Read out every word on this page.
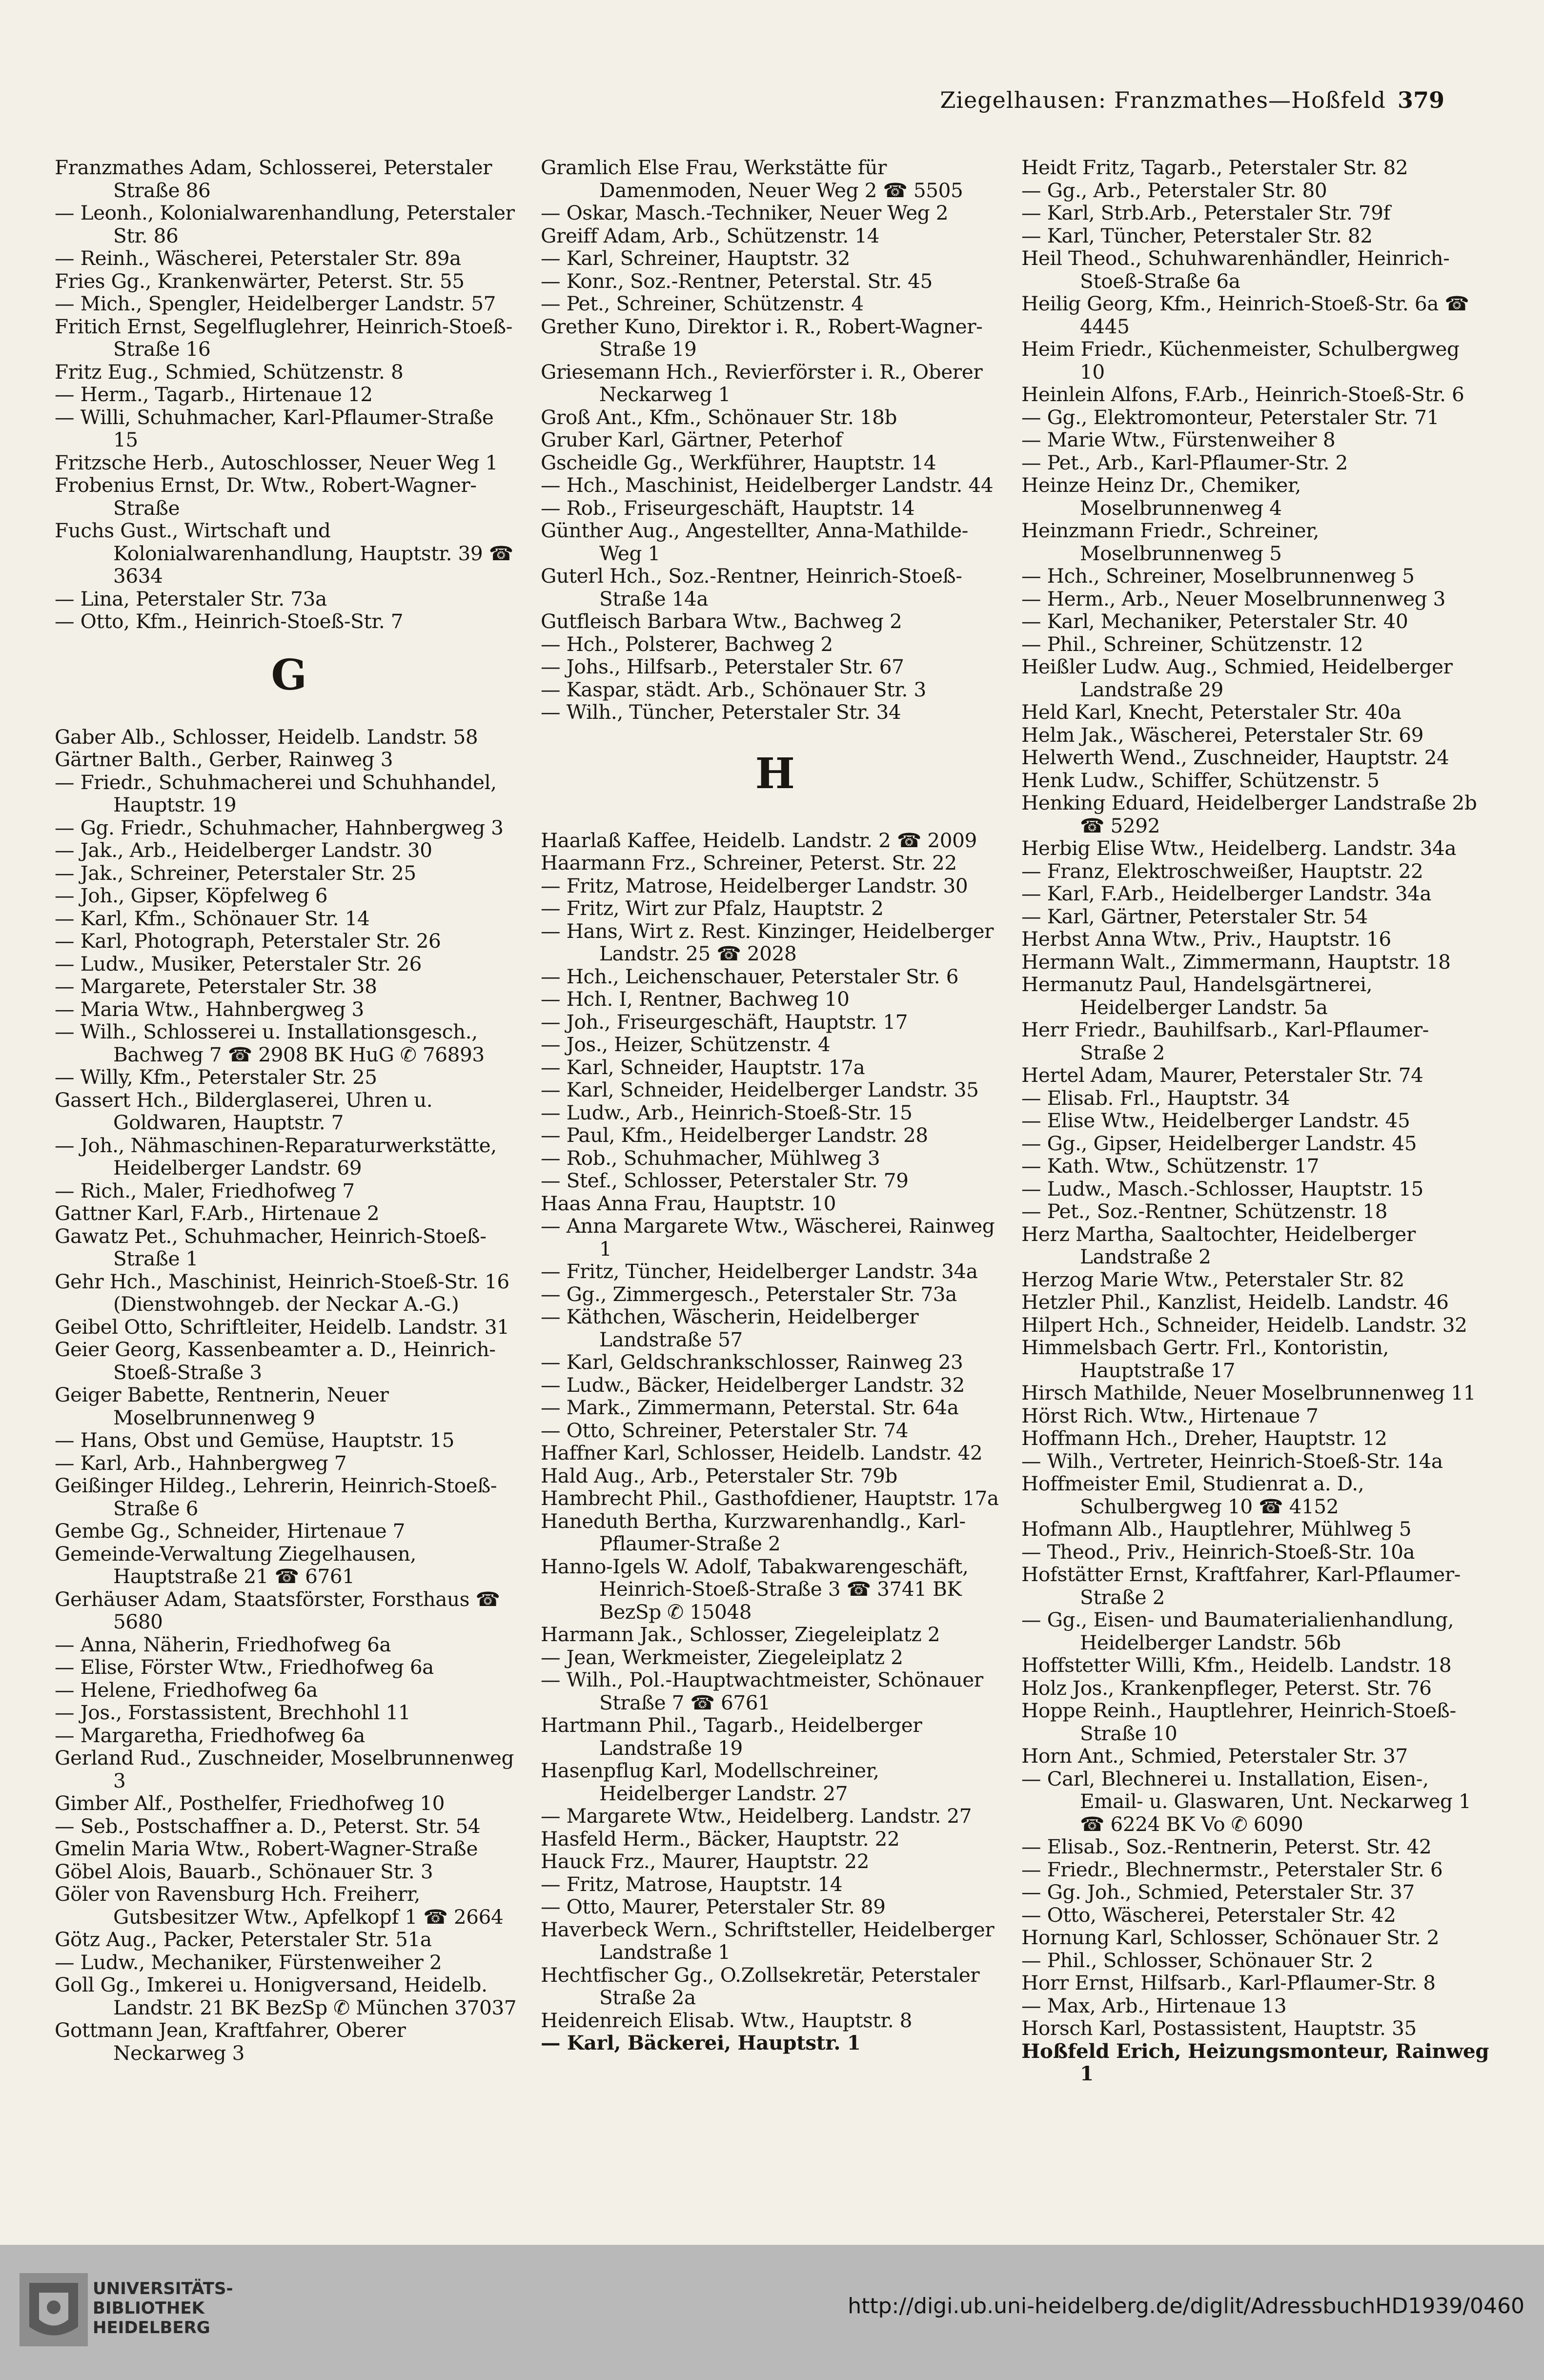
Ziegelhausen: Franzmathes—Hoßfeld 379

Franzmathes Adam, Schlosserei, Peterstaler Straße 86

— Leonh., Kolonialwarenhandlung, Peterstaler Str. 86

— Reinh., Wäscherei, Peterstaler Str. 89a

Fries Gg., Krankenwärter, Peterst. Str. 55

— Mich., Spengler, Heidelberger Landstr. 57

Fritich Ernst, Segelfluglehrer, Heinrich-Stoeß-Straße 16

Fritz Eug., Schmied, Schützenstr. 8

— Herm., Tagarb., Hirtenaue 12

— Willi, Schuhmacher, Karl-Pflaumer-Straße 15

Fritzsche Herb., Autoschlosser, Neuer Weg 1

Frobenius Ernst, Dr. Wtw., Robert-Wagner-Straße

Fuchs Gust., Wirtschaft und Kolonialwarenhandlung, Hauptstr. 39 ☎ 3634

— Lina, Peterstaler Str. 73a

— Otto, Kfm., Heinrich-Stoeß-Str. 7

G

Gaber Alb., Schlosser, Heidelb. Landstr. 58

Gärtner Balth., Gerber, Rainweg 3

— Friedr., Schuhmacherei und Schuhhandel, Hauptstr. 19

— Gg. Friedr., Schuhmacher, Hahnbergweg 3

— Jak., Arb., Heidelberger Landstr. 30

— Jak., Schreiner, Peterstaler Str. 25

— Joh., Gipser, Köpfelweg 6

— Karl, Kfm., Schönauer Str. 14

— Karl, Photograph, Peterstaler Str. 26

— Ludw., Musiker, Peterstaler Str. 26

— Margarete, Peterstaler Str. 38

— Maria Wtw., Hahnbergweg 3

— Wilh., Schlosserei u. Installationsgesch., Bachweg 7 ☎ 2908 BK HuG ✆ 76893

— Willy, Kfm., Peterstaler Str. 25

Gassert Hch., Bilderglaserei, Uhren u. Goldwaren, Hauptstr. 7

— Joh., Nähmaschinen-Reparaturwerkstätte, Heidelberger Landstr. 69

— Rich., Maler, Friedhofweg 7

Gattner Karl, F.Arb., Hirtenaue 2

Gawatz Pet., Schuhmacher, Heinrich-Stoeß-Straße 1

Gehr Hch., Maschinist, Heinrich-Stoeß-Str. 16 (Dienstwohngeb. der Neckar A.-G.)

Geibel Otto, Schriftleiter, Heidelb. Landstr. 31

Geier Georg, Kassenbeamter a. D., Heinrich-Stoeß-Straße 3

Geiger Babette, Rentnerin, Neuer Moselbrunnenweg 9

— Hans, Obst und Gemüse, Hauptstr. 15

— Karl, Arb., Hahnbergweg 7

Geißinger Hildeg., Lehrerin, Heinrich-Stoeß-Straße 6

Gembe Gg., Schneider, Hirtenaue 7

Gemeinde-Verwaltung Ziegelhausen, Hauptstraße 21 ☎ 6761

Gerhäuser Adam, Staatsförster, Forsthaus ☎ 5680

— Anna, Näherin, Friedhofweg 6a

— Elise, Förster Wtw., Friedhofweg 6a

— Helene, Friedhofweg 6a

— Jos., Forstassistent, Brechhohl 11

— Margaretha, Friedhofweg 6a

Gerland Rud., Zuschneider, Moselbrunnenweg 3

Gimber Alf., Posthelfer, Friedhofweg 10

— Seb., Postschaffner a. D., Peterst. Str. 54

Gmelin Maria Wtw., Robert-Wagner-Straße

Göbel Alois, Bauarb., Schönauer Str. 3

Göler von Ravensburg Hch. Freiherr, Gutsbesitzer Wtw., Apfelkopf 1 ☎ 2664

Götz Aug., Packer, Peterstaler Str. 51a

— Ludw., Mechaniker, Fürstenweiher 2

Goll Gg., Imkerei u. Honigversand, Heidelb. Landstr. 21 BK BezSp ✆ München 37037

Gottmann Jean, Kraftfahrer, Oberer Neckarweg 3

Gramlich Else Frau, Werkstätte für Damenmoden, Neuer Weg 2 ☎ 5505

— Oskar, Masch.-Techniker, Neuer Weg 2

Greiff Adam, Arb., Schützenstr. 14

— Karl, Schreiner, Hauptstr. 32

— Konr., Soz.-Rentner, Peterstal. Str. 45

— Pet., Schreiner, Schützenstr. 4

Grether Kuno, Direktor i. R., Robert-Wagner-Straße 19

Griesemann Hch., Revierförster i. R., Oberer Neckarweg 1

Groß Ant., Kfm., Schönauer Str. 18b

Gruber Karl, Gärtner, Peterhof

Gscheidle Gg., Werkführer, Hauptstr. 14

— Hch., Maschinist, Heidelberger Landstr. 44

— Rob., Friseurgeschäft, Hauptstr. 14

Günther Aug., Angestellter, Anna-Mathilde-Weg 1

Guterl Hch., Soz.-Rentner, Heinrich-Stoeß-Straße 14a

Gutfleisch Barbara Wtw., Bachweg 2

— Hch., Polsterer, Bachweg 2

— Johs., Hilfsarb., Peterstaler Str. 67

— Kaspar, städt. Arb., Schönauer Str. 3

— Wilh., Tüncher, Peterstaler Str. 34

H

Haarlaß Kaffee, Heidelb. Landstr. 2 ☎ 2009

Haarmann Frz., Schreiner, Peterst. Str. 22

— Fritz, Matrose, Heidelberger Landstr. 30

— Fritz, Wirt zur Pfalz, Hauptstr. 2

— Hans, Wirt z. Rest. Kinzinger, Heidelberger Landstr. 25 ☎ 2028

— Hch., Leichenschauer, Peterstaler Str. 6

— Hch. I, Rentner, Bachweg 10

— Joh., Friseurgeschäft, Hauptstr. 17

— Jos., Heizer, Schützenstr. 4

— Karl, Schneider, Hauptstr. 17a

— Karl, Schneider, Heidelberger Landstr. 35

— Ludw., Arb., Heinrich-Stoeß-Str. 15

— Paul, Kfm., Heidelberger Landstr. 28

— Rob., Schuhmacher, Mühlweg 3

— Stef., Schlosser, Peterstaler Str. 79

Haas Anna Frau, Hauptstr. 10

— Anna Margarete Wtw., Wäscherei, Rainweg 1

— Fritz, Tüncher, Heidelberger Landstr. 34a

— Gg., Zimmergesch., Peterstaler Str. 73a

— Käthchen, Wäscherin, Heidelberger Landstraße 57

— Karl, Geldschrankschlosser, Rainweg 23

— Ludw., Bäcker, Heidelberger Landstr. 32

— Mark., Zimmermann, Peterstal. Str. 64a

— Otto, Schreiner, Peterstaler Str. 74

Haffner Karl, Schlosser, Heidelb. Landstr. 42

Hald Aug., Arb., Peterstaler Str. 79b

Hambrecht Phil., Gasthofdiener, Hauptstr. 17a

Haneduth Bertha, Kurzwarenhandlg., Karl-Pflaumer-Straße 2

Hanno-Igels W. Adolf, Tabakwarengeschäft, Heinrich-Stoeß-Straße 3 ☎ 3741 BK BezSp ✆ 15048

Harmann Jak., Schlosser, Ziegeleiplatz 2

— Jean, Werkmeister, Ziegeleiplatz 2

— Wilh., Pol.-Hauptwachtmeister, Schönauer Straße 7 ☎ 6761

Hartmann Phil., Tagarb., Heidelberger Landstraße 19

Hasenpflug Karl, Modellschreiner, Heidelberger Landstr. 27

— Margarete Wtw., Heidelberg. Landstr. 27

Hasfeld Herm., Bäcker, Hauptstr. 22

Hauck Frz., Maurer, Hauptstr. 22

— Fritz, Matrose, Hauptstr. 14

— Otto, Maurer, Peterstaler Str. 89

Haverbeck Wern., Schriftsteller, Heidelberger Landstraße 1

Hechtfischer Gg., O.Zollsekretär, Peterstaler Straße 2a

Heidenreich Elisab. Wtw., Hauptstr. 8

— Karl, Bäckerei, Hauptstr. 1

Heidt Fritz, Tagarb., Peterstaler Str. 82

— Gg., Arb., Peterstaler Str. 80

— Karl, Strb.Arb., Peterstaler Str. 79f

— Karl, Tüncher, Peterstaler Str. 82

Heil Theod., Schuhwarenhändler, Heinrich-Stoeß-Straße 6a

Heilig Georg, Kfm., Heinrich-Stoeß-Str. 6a ☎ 4445

Heim Friedr., Küchenmeister, Schulbergweg 10

Heinlein Alfons, F.Arb., Heinrich-Stoeß-Str. 6

— Gg., Elektromonteur, Peterstaler Str. 71

— Marie Wtw., Fürstenweiher 8

— Pet., Arb., Karl-Pflaumer-Str. 2

Heinze Heinz Dr., Chemiker, Moselbrunnenweg 4

Heinzmann Friedr., Schreiner, Moselbrunnenweg 5

— Hch., Schreiner, Moselbrunnenweg 5

— Herm., Arb., Neuer Moselbrunnenweg 3

— Karl, Mechaniker, Peterstaler Str. 40

— Phil., Schreiner, Schützenstr. 12

Heißler Ludw. Aug., Schmied, Heidelberger Landstraße 29

Held Karl, Knecht, Peterstaler Str. 40a

Helm Jak., Wäscherei, Peterstaler Str. 69

Helwerth Wend., Zuschneider, Hauptstr. 24

Henk Ludw., Schiffer, Schützenstr. 5

Henking Eduard, Heidelberger Landstraße 2b ☎ 5292

Herbig Elise Wtw., Heidelberg. Landstr. 34a

— Franz, Elektroschweißer, Hauptstr. 22

— Karl, F.Arb., Heidelberger Landstr. 34a

— Karl, Gärtner, Peterstaler Str. 54

Herbst Anna Wtw., Priv., Hauptstr. 16

Hermann Walt., Zimmermann, Hauptstr. 18

Hermanutz Paul, Handelsgärtnerei, Heidelberger Landstr. 5a

Herr Friedr., Bauhilfsarb., Karl-Pflaumer-Straße 2

Hertel Adam, Maurer, Peterstaler Str. 74

— Elisab. Frl., Hauptstr. 34

— Elise Wtw., Heidelberger Landstr. 45

— Gg., Gipser, Heidelberger Landstr. 45

— Kath. Wtw., Schützenstr. 17

— Ludw., Masch.-Schlosser, Hauptstr. 15

— Pet., Soz.-Rentner, Schützenstr. 18

Herz Martha, Saaltochter, Heidelberger Landstraße 2

Herzog Marie Wtw., Peterstaler Str. 82

Hetzler Phil., Kanzlist, Heidelb. Landstr. 46

Hilpert Hch., Schneider, Heidelb. Landstr. 32

Himmelsbach Gertr. Frl., Kontoristin, Hauptstraße 17

Hirsch Mathilde, Neuer Moselbrunnenweg 11

Hörst Rich. Wtw., Hirtenaue 7

Hoffmann Hch., Dreher, Hauptstr. 12

— Wilh., Vertreter, Heinrich-Stoeß-Str. 14a

Hoffmeister Emil, Studienrat a. D., Schulbergweg 10 ☎ 4152

Hofmann Alb., Hauptlehrer, Mühlweg 5

— Theod., Priv., Heinrich-Stoeß-Str. 10a

Hofstätter Ernst, Kraftfahrer, Karl-Pflaumer-Straße 2

— Gg., Eisen- und Baumaterialienhandlung, Heidelberger Landstr. 56b

Hoffstetter Willi, Kfm., Heidelb. Landstr. 18

Holz Jos., Krankenpfleger, Peterst. Str. 76

Hoppe Reinh., Hauptlehrer, Heinrich-Stoeß-Straße 10

Horn Ant., Schmied, Peterstaler Str. 37

— Carl, Blechnerei u. Installation, Eisen-, Email- u. Glaswaren, Unt. Neckarweg 1 ☎ 6224 BK Vo ✆ 6090

— Elisab., Soz.-Rentnerin, Peterst. Str. 42

— Friedr., Blechnermstr., Peterstaler Str. 6

— Gg. Joh., Schmied, Peterstaler Str. 37

— Otto, Wäscherei, Peterstaler Str. 42

Hornung Karl, Schlosser, Schönauer Str. 2

— Phil., Schlosser, Schönauer Str. 2

Horr Ernst, Hilfsarb., Karl-Pflaumer-Str. 8

— Max, Arb., Hirtenaue 13

Horsch Karl, Postassistent, Hauptstr. 35

Hoßfeld Erich, Heizungsmonteur, Rainweg 1

UNIVERSITÄTS-
BIBLIOTHEK
HEIDELBERG
http://digi.ub.uni-heidelberg.de/diglit/AdressbuchHD1939/0460
